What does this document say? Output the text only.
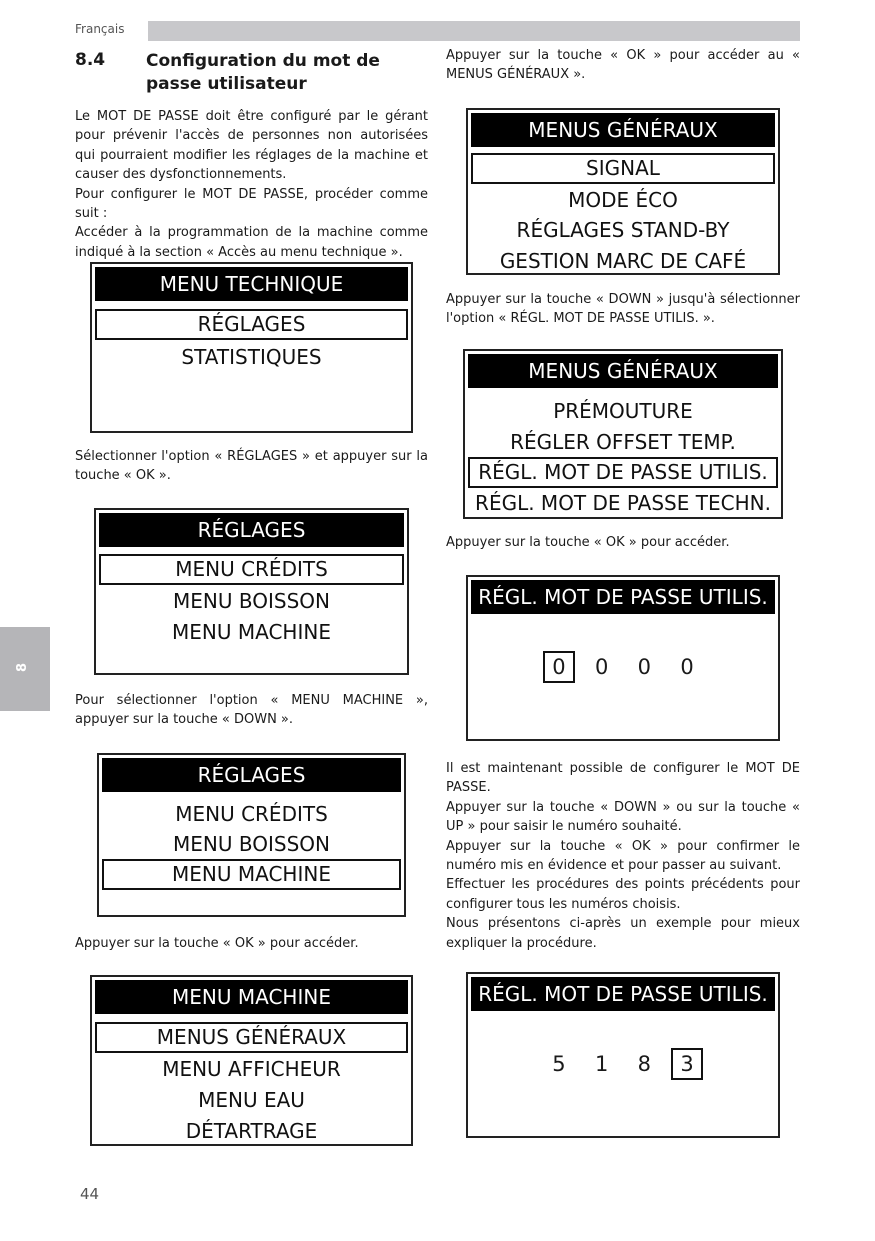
Français
8
8.4 Configuration du mot de passe utilisateur

Le MOT DE PASSE doit être configuré par le gérant pour prévenir l'accès de personnes non autorisées qui pourraient modifier les réglages de la machine et causer des dysfonctionnements.

Pour configurer le MOT DE PASSE, procéder comme suit :

Accéder à la programmation de la machine comme indiqué à la section « Accès au menu technique ».

MENU TECHNIQUE
RÉGLAGES
STATISTIQUES
Sélectionner l'option « RÉGLAGES » et appuyer sur la touche « OK ».
RÉGLAGES
MENU CRÉDITS
MENU BOISSON
MENU MACHINE
Pour sélectionner l'option « MENU MACHINE », appuyer sur la touche « DOWN ».
RÉGLAGES
MENU CRÉDITS
MENU BOISSON
MENU MACHINE
Appuyer sur la touche « OK » pour accéder.
MENU MACHINE
MENUS GÉNÉRAUX
MENU AFFICHEUR
MENU EAU
DÉTARTRAGE
Appuyer sur la touche « OK » pour accéder au « MENUS GÉNÉRAUX ».
MENUS GÉNÉRAUX
SIGNAL
MODE ÉCO
RÉGLAGES STAND-BY
GESTION MARC DE CAFÉ
Appuyer sur la touche « DOWN » jusqu'à sélectionner l'option « RÉGL. MOT DE PASSE UTILIS. ».
MENUS GÉNÉRAUX
PRÉMOUTURE
RÉGLER OFFSET TEMP.
RÉGL. MOT DE PASSE UTILIS.
RÉGL. MOT DE PASSE TECHN.
Appuyer sur la touche « OK » pour accéder.
RÉGL. MOT DE PASSE UTILIS.
0 0 0 0

Il est maintenant possible de configurer le MOT DE PASSE.

Appuyer sur la touche « DOWN » ou sur la touche « UP » pour saisir le numéro souhaité.

Appuyer sur la touche « OK » pour confirmer le numéro mis en évidence et pour passer au suivant.

Effectuer les procédures des points précédents pour configurer tous les numéros choisis.

Nous présentons ci-après un exemple pour mieux expliquer la procédure.

RÉGL. MOT DE PASSE UTILIS.
5 1 8 3
44
